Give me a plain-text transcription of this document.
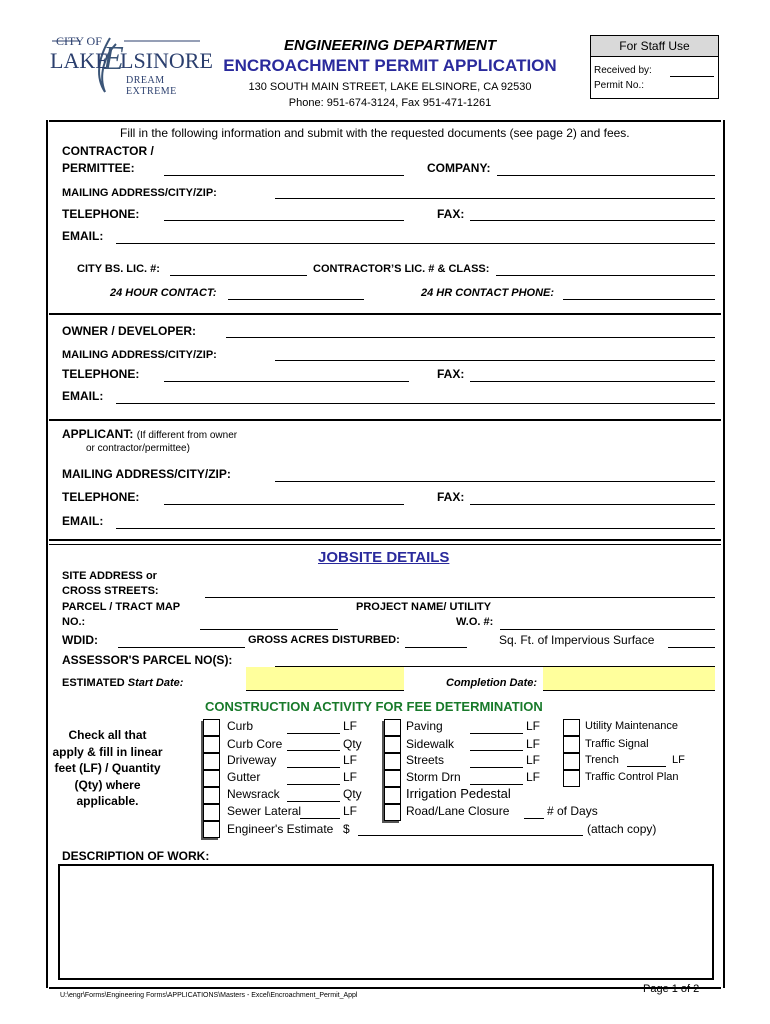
CITY OF
LAKE
E
LSINORE
DREAM EXTREME
ENGINEERING DEPARTMENT
ENCROACHMENT PERMIT APPLICATION
130 SOUTH MAIN STREET, LAKE ELSINORE, CA 92530
Phone: 951-674-3124, Fax 951-471-1261
For Staff Use
Received by:
Permit No.:
Fill in the following information and submit with the requested documents (see page 2) and fees.
CONTRACTOR /
PERMITTEE:	COMPANY:
MAILING ADDRESS/CITY/ZIP:
TELEPHONE:	FAX:
EMAIL:
CITY BS. LIC. #:	CONTRACTOR’S LIC. # & CLASS:
24 HOUR CONTACT:	24 HR CONTACT PHONE:
OWNER / DEVELOPER:
MAILING ADDRESS/CITY/ZIP:
TELEPHONE:	FAX:
EMAIL:
APPLICANT: (If different from owner
or contractor/permittee)
MAILING ADDRESS/CITY/ZIP:
TELEPHONE:	FAX:
EMAIL:
JOBSITE DETAILS
SITE ADDRESS or
CROSS STREETS:
PARCEL / TRACT MAP
NO.:
PROJECT NAME/ UTILITY
W.O. #:
WDID:	GROSS ACRES DISTURBED:	Sq. Ft. of Impervious Surface
ASSESSOR'S PARCEL NO(S):
ESTIMATED Start Date:	Completion Date:
CONSTRUCTION ACTIVITY FOR FEE DETERMINATION
Check all that
apply & fill in linear
feet (LF) / Quantity
(Qty) where
applicable.
Curb	LF
Curb Core	Qty
Driveway	LF
Gutter	LF
Newsrack	Qty
Sewer Lateral	LF
Engineer's Estimate $
Paving	LF
Sidewalk	LF
Streets	LF
Storm Drn	LF
Irrigation Pedestal
Road/Lane Closure	# of Days
(attach copy)
Utility Maintenance
Traffic Signal
Trench	LF
Traffic Control Plan
DESCRIPTION OF WORK:
U:\engr\Forms\Engineering Forms\APPLICATIONS\Masters - Excel\Encroachment_Permit_Appl
Page 1 of 2
